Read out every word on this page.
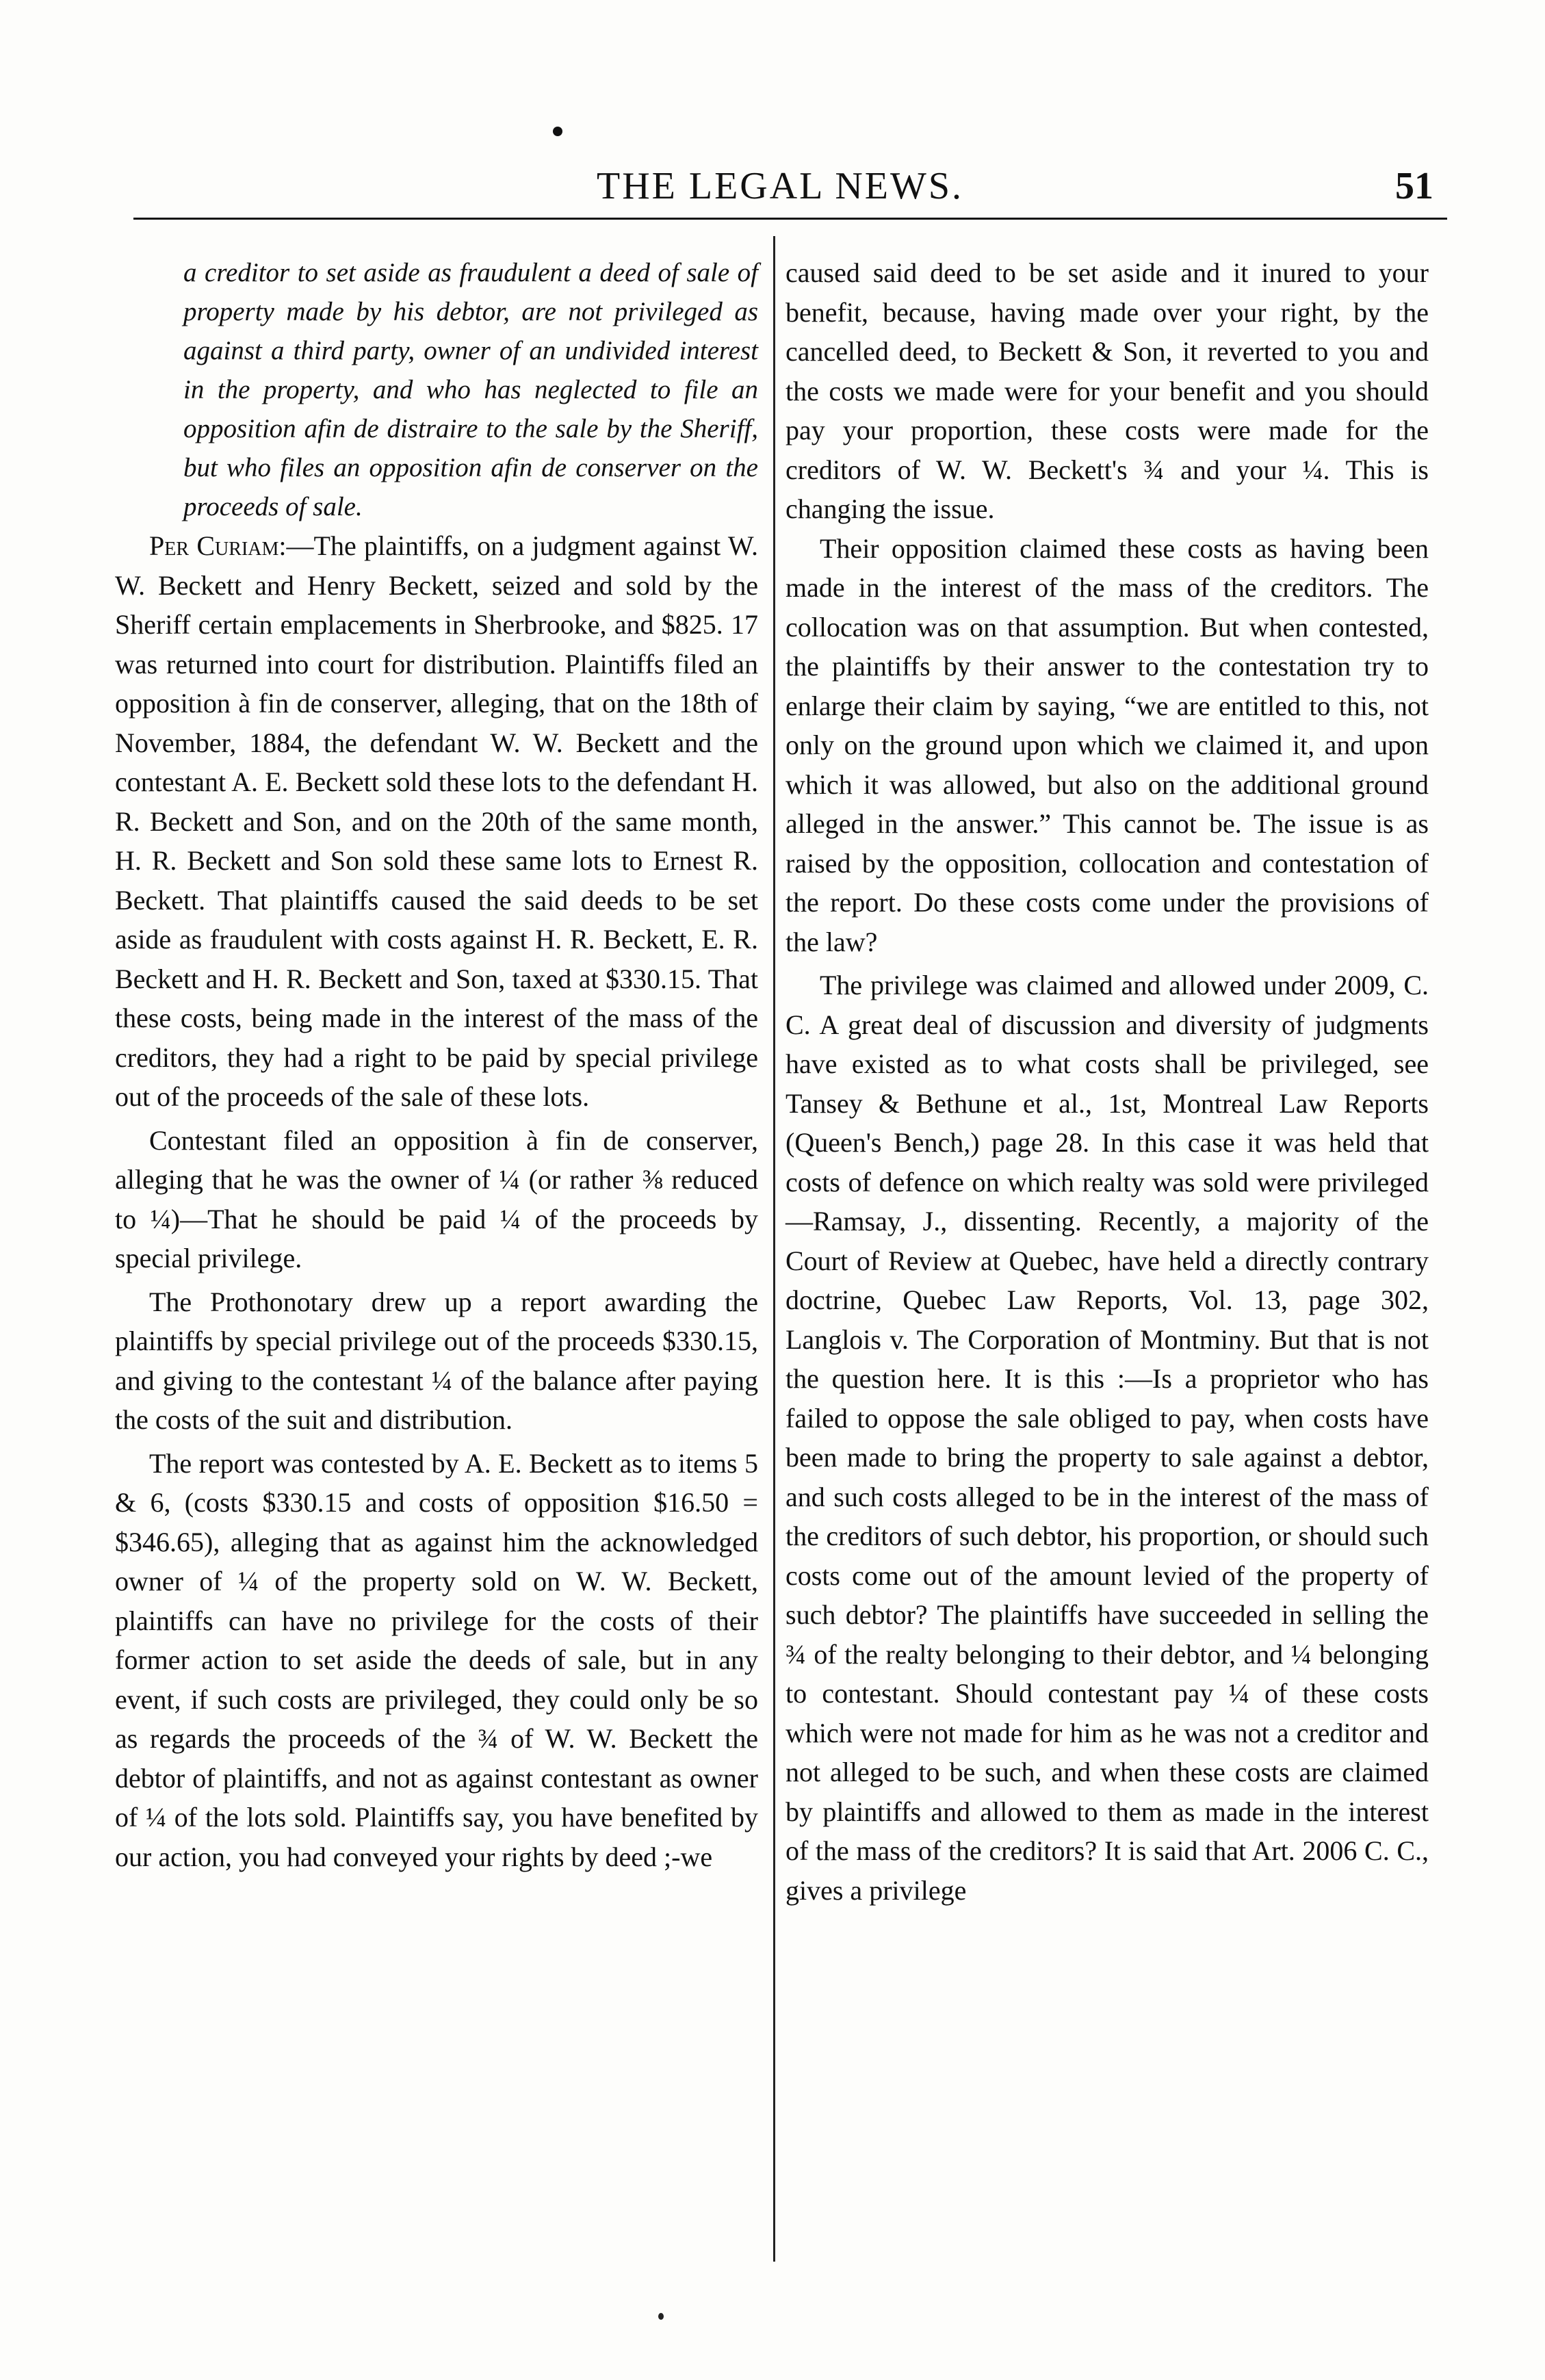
THE LEGAL NEWS.	51

a creditor to set aside as fraudulent a deed of sale of property made by his debtor, are not privileged as against a third party, owner of an undivided interest in the property, and who has neglected to file an opposition afin de distraire to the sale by the Sheriff, but who files an opposition afin de conserver on the proceeds of sale.

Per Curiam:—The plaintiffs, on a judgment against W. W. Beckett and Henry Beckett, seized and sold by the Sheriff certain emplacements in Sherbrooke, and $825. 17 was returned into court for distribution. Plaintiffs filed an opposition à fin de conserver, alleging, that on the 18th of November, 1884, the defendant W. W. Beckett and the contestant A. E. Beckett sold these lots to the defendant H. R. Beckett and Son, and on the 20th of the same month, H. R. Beckett and Son sold these same lots to Ernest R. Beckett. That plaintiffs caused the said deeds to be set aside as fraudulent with costs against H. R. Beckett, E. R. Beckett and H. R. Beckett and Son, taxed at $330.15. That these costs, being made in the interest of the mass of the creditors, they had a right to be paid by special privilege out of the proceeds of the sale of these lots.

Contestant filed an opposition à fin de conserver, alleging that he was the owner of ¼ (or rather ⅜ reduced to ¼)—That he should be paid ¼ of the proceeds by special privilege.

The Prothonotary drew up a report awarding the plaintiffs by special privilege out of the proceeds $330.15, and giving to the contestant ¼ of the balance after paying the costs of the suit and distribution.

The report was contested by A. E. Beckett as to items 5 & 6, (costs $330.15 and costs of opposition $16.50 = $346.65), alleging that as against him the acknowledged owner of ¼ of the property sold on W. W. Beckett, plaintiffs can have no privilege for the costs of their former action to set aside the deeds of sale, but in any event, if such costs are privileged, they could only be so as regards the proceeds of the ¾ of W. W. Beckett the debtor of plaintiffs, and not as against contestant as owner of ¼ of the lots sold. Plaintiffs say, you have benefited by our action, you had conveyed your rights by deed ;-we

caused said deed to be set aside and it inured to your benefit, because, having made over your right, by the cancelled deed, to Beckett & Son, it reverted to you and the costs we made were for your benefit and you should pay your proportion, these costs were made for the creditors of W. W. Beckett's ¾ and your ¼. This is changing the issue.

Their opposition claimed these costs as having been made in the interest of the mass of the creditors. The collocation was on that assumption. But when contested, the plaintiffs by their answer to the contestation try to enlarge their claim by saying, “we are entitled to this, not only on the ground upon which we claimed it, and upon which it was allowed, but also on the additional ground alleged in the answer.” This cannot be. The issue is as raised by the opposition, collocation and contestation of the report. Do these costs come under the provisions of the law?

The privilege was claimed and allowed under 2009, C. C. A great deal of discussion and diversity of judgments have existed as to what costs shall be privileged, see Tansey & Bethune et al., 1st, Montreal Law Reports (Queen's Bench,) page 28. In this case it was held that costs of defence on which realty was sold were privileged—Ramsay, J., dissenting. Recently, a majority of the Court of Review at Quebec, have held a directly contrary doctrine, Quebec Law Reports, Vol. 13, page 302, Langlois v. The Corporation of Montminy. But that is not the question here. It is this :—Is a proprietor who has failed to oppose the sale obliged to pay, when costs have been made to bring the property to sale against a debtor, and such costs alleged to be in the interest of the mass of the creditors of such debtor, his proportion, or should such costs come out of the amount levied of the property of such debtor? The plaintiffs have succeeded in selling the ¾ of the realty belonging to their debtor, and ¼ belonging to contestant. Should contestant pay ¼ of these costs which were not made for him as he was not a creditor and not alleged to be such, and when these costs are claimed by plaintiffs and allowed to them as made in the interest of the mass of the creditors? It is said that Art. 2006 C. C., gives a privilege
